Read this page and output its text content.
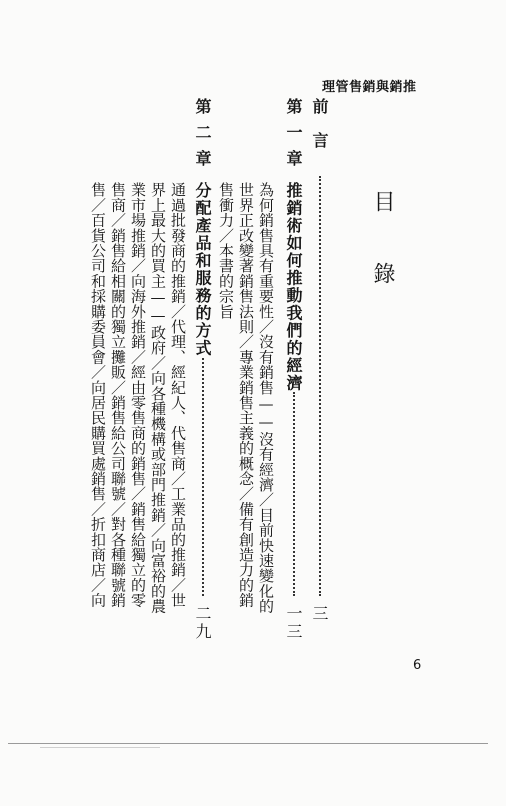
推銷與銷售管理
目
錄
前言
三
第一章
推銷術如何推動我們的經濟
一三
為何銷售具有重要性／沒有銷售——沒有經濟／目前快速變化的
世界正改變著銷售法則／專業銷售主義的概念／備有創造力的銷
售衝力／本書的宗旨
第二章
分配產品和服務的方式
二九
通過批發商的推銷／代理、經紀人、代售商／工業品的推銷／世
界上最大的買主——政府／向各種機構或部門推銷／向富裕的農
業市場推銷／向海外推銷／經由零售商的銷售／銷售給獨立的零
售商／銷售給相關的獨立攤販／銷售給公司聯號／對各種聯號銷
售／百貨公司和採購委員會／向居民購買處銷售／折扣商店／向
6
